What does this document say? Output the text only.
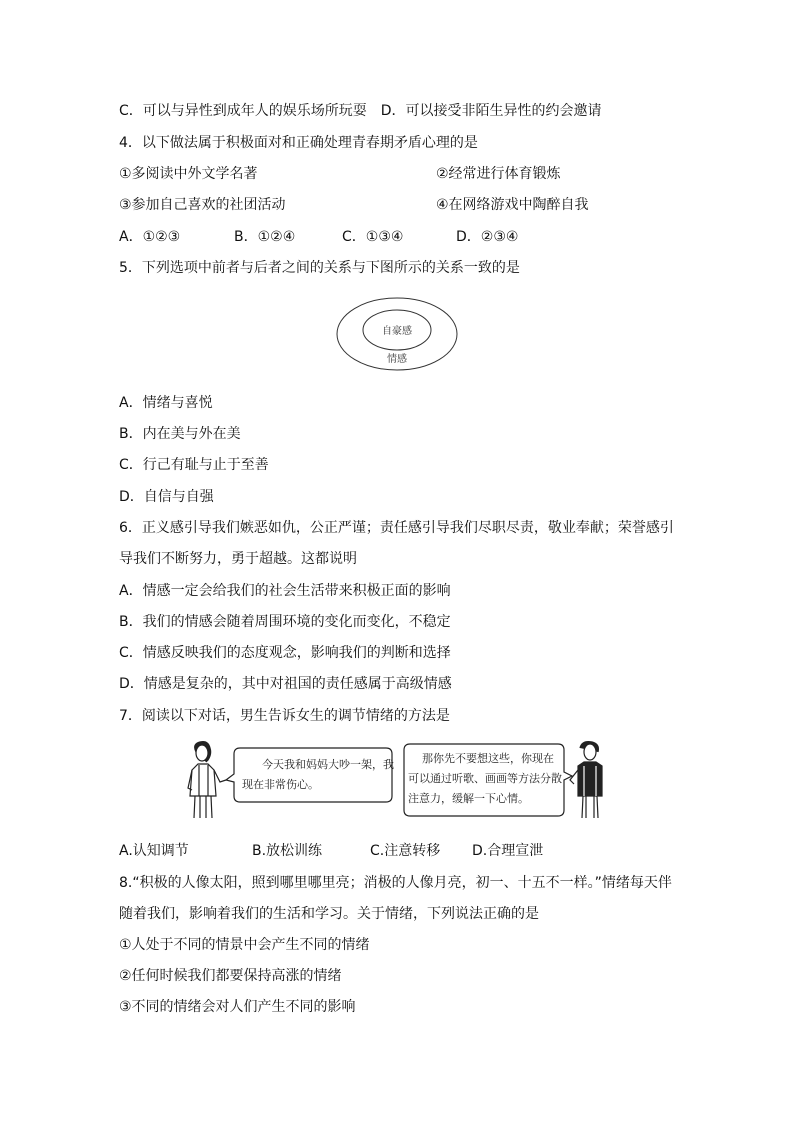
C．可以与异性到成年人的娱乐场所玩耍　D．可以接受非陌生异性的约会邀请
4．以下做法属于积极面对和正确处理青春期矛盾心理的是
①多阅读中外文学名著	②经常进行体育锻炼
③参加自己喜欢的社团活动	④在网络游戏中陶醉自我
A．①②③	B．①②④	C．①③④	D．②③④
5．下列选项中前者与后者之间的关系与下图所示的关系一致的是
自豪感
情感
A．情绪与喜悦
B．内在美与外在美
C．行己有耻与止于至善
D．自信与自强
6．正义感引导我们嫉恶如仇，公正严谨；责任感引导我们尽职尽责，敬业奉献；荣誉感引
导我们不断努力，勇于超越。这都说明
A．情感一定会给我们的社会生活带来积极正面的影响
B．我们的情感会随着周围环境的变化而变化，不稳定
C．情感反映我们的态度观念，影响我们的判断和选择
D．情感是复杂的，其中对祖国的责任感属于高级情感
7．阅读以下对话，男生告诉女生的调节情绪的方法是
今天我和妈妈大吵一架，我
现在非常伤心。
那你先不要想这些，你现在
可以通过听歌、画画等方法分散
注意力，缓解一下心情。
A.认知调节	B.放松训练	C.注意转移 D.合理宣泄
8.“积极的人像太阳，照到哪里哪里亮；消极的人像月亮，初一、十五不一样。”情绪每天伴
随着我们，影响着我们的生活和学习。关于情绪，下列说法正确的是
①人处于不同的情景中会产生不同的情绪
②任何时候我们都要保持高涨的情绪
③不同的情绪会对人们产生不同的影响
